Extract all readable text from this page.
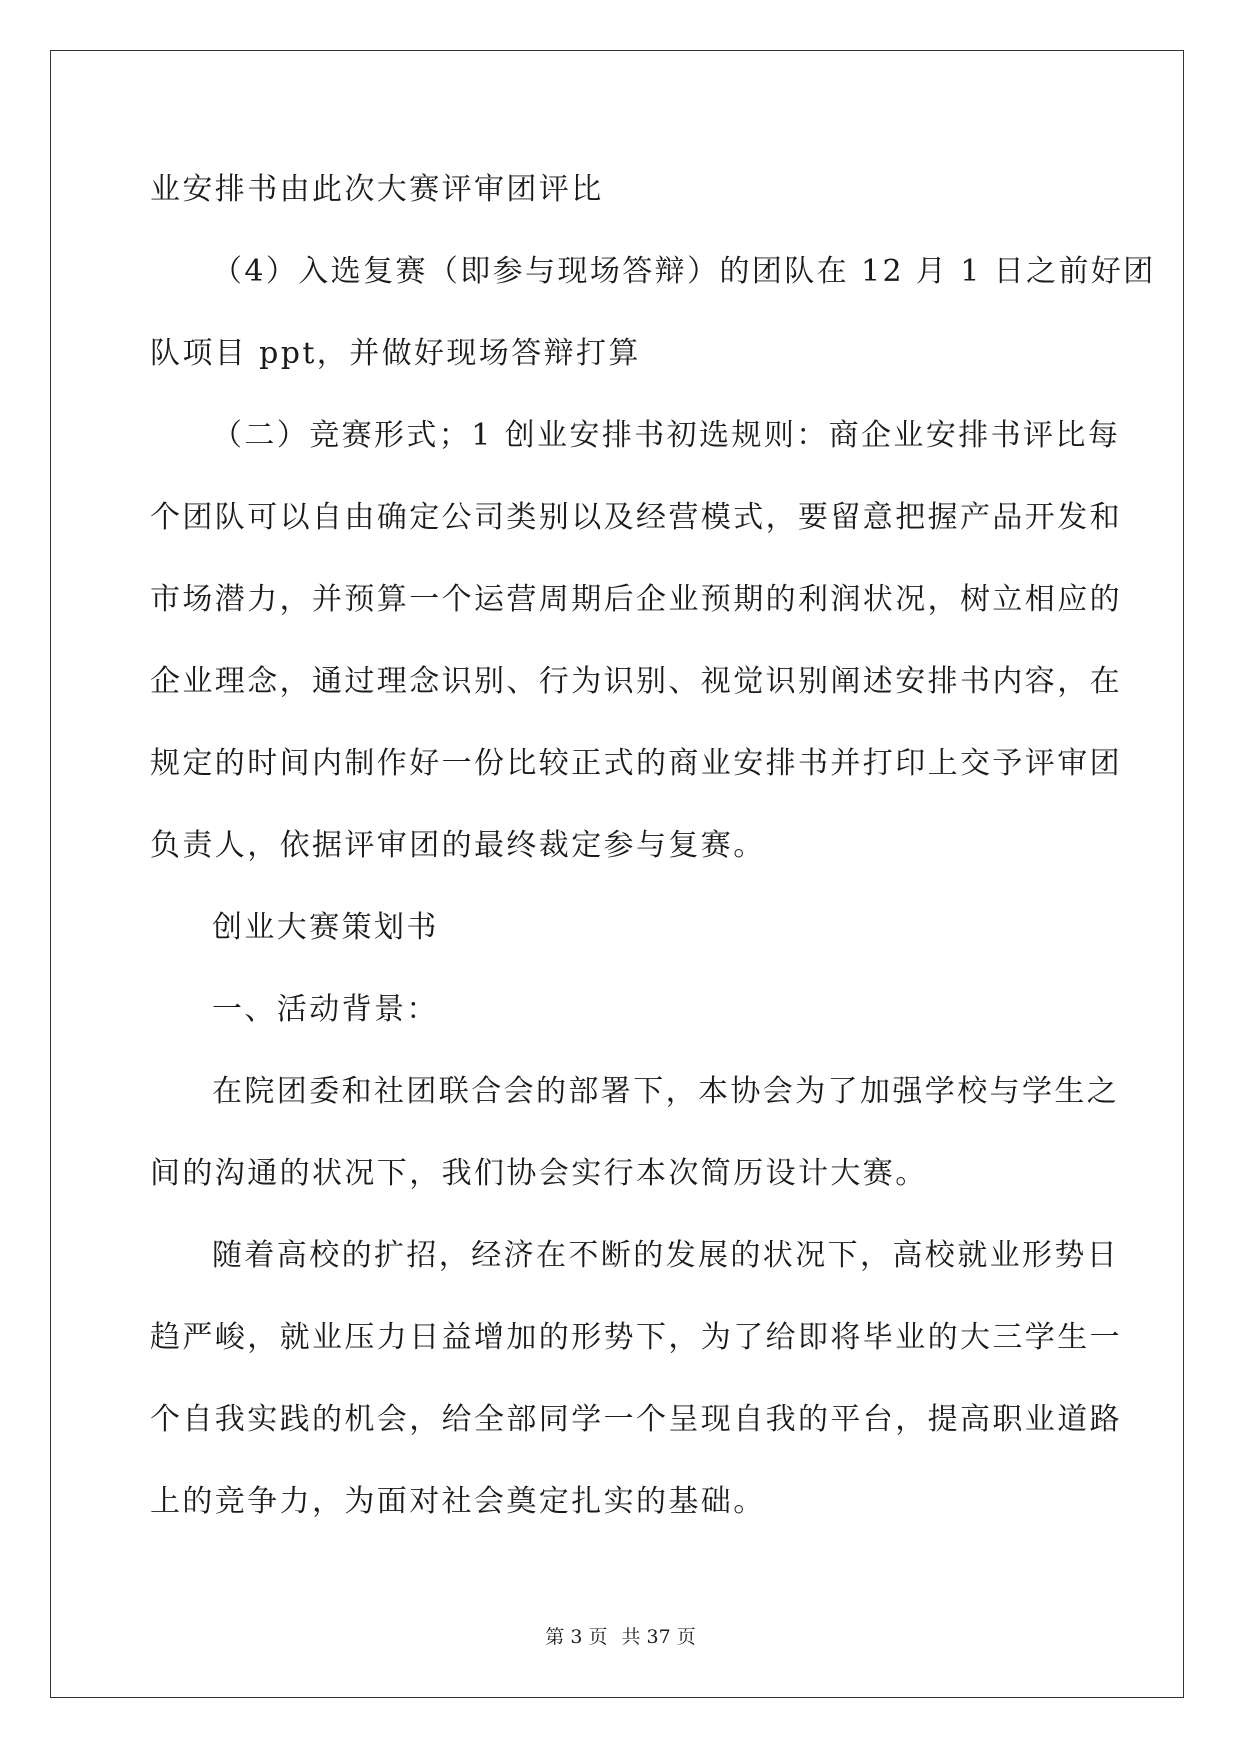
业安排书由此次大赛评审团评比
（4）入选复赛（即参与现场答辩）的团队在 12 月 1 日之前好团
队项目 ppt，并做好现场答辩打算
（二）竞赛形式；1 创业安排书初选规则：商企业安排书评比每
个团队可以自由确定公司类别以及经营模式，要留意把握产品开发和
市场潜力，并预算一个运营周期后企业预期的利润状况，树立相应的
企业理念，通过理念识别、行为识别、视觉识别阐述安排书内容，在
规定的时间内制作好一份比较正式的商业安排书并打印上交予评审团
负责人，依据评审团的最终裁定参与复赛。
创业大赛策划书
一、活动背景：
在院团委和社团联合会的部署下，本协会为了加强学校与学生之
间的沟通的状况下，我们协会实行本次简历设计大赛。
随着高校的扩招，经济在不断的发展的状况下，高校就业形势日
趋严峻，就业压力日益增加的形势下，为了给即将毕业的大三学生一
个自我实践的机会，给全部同学一个呈现自我的平台，提高职业道路
上的竞争力，为面对社会奠定扎实的基础。
第 3 页 共 37 页
